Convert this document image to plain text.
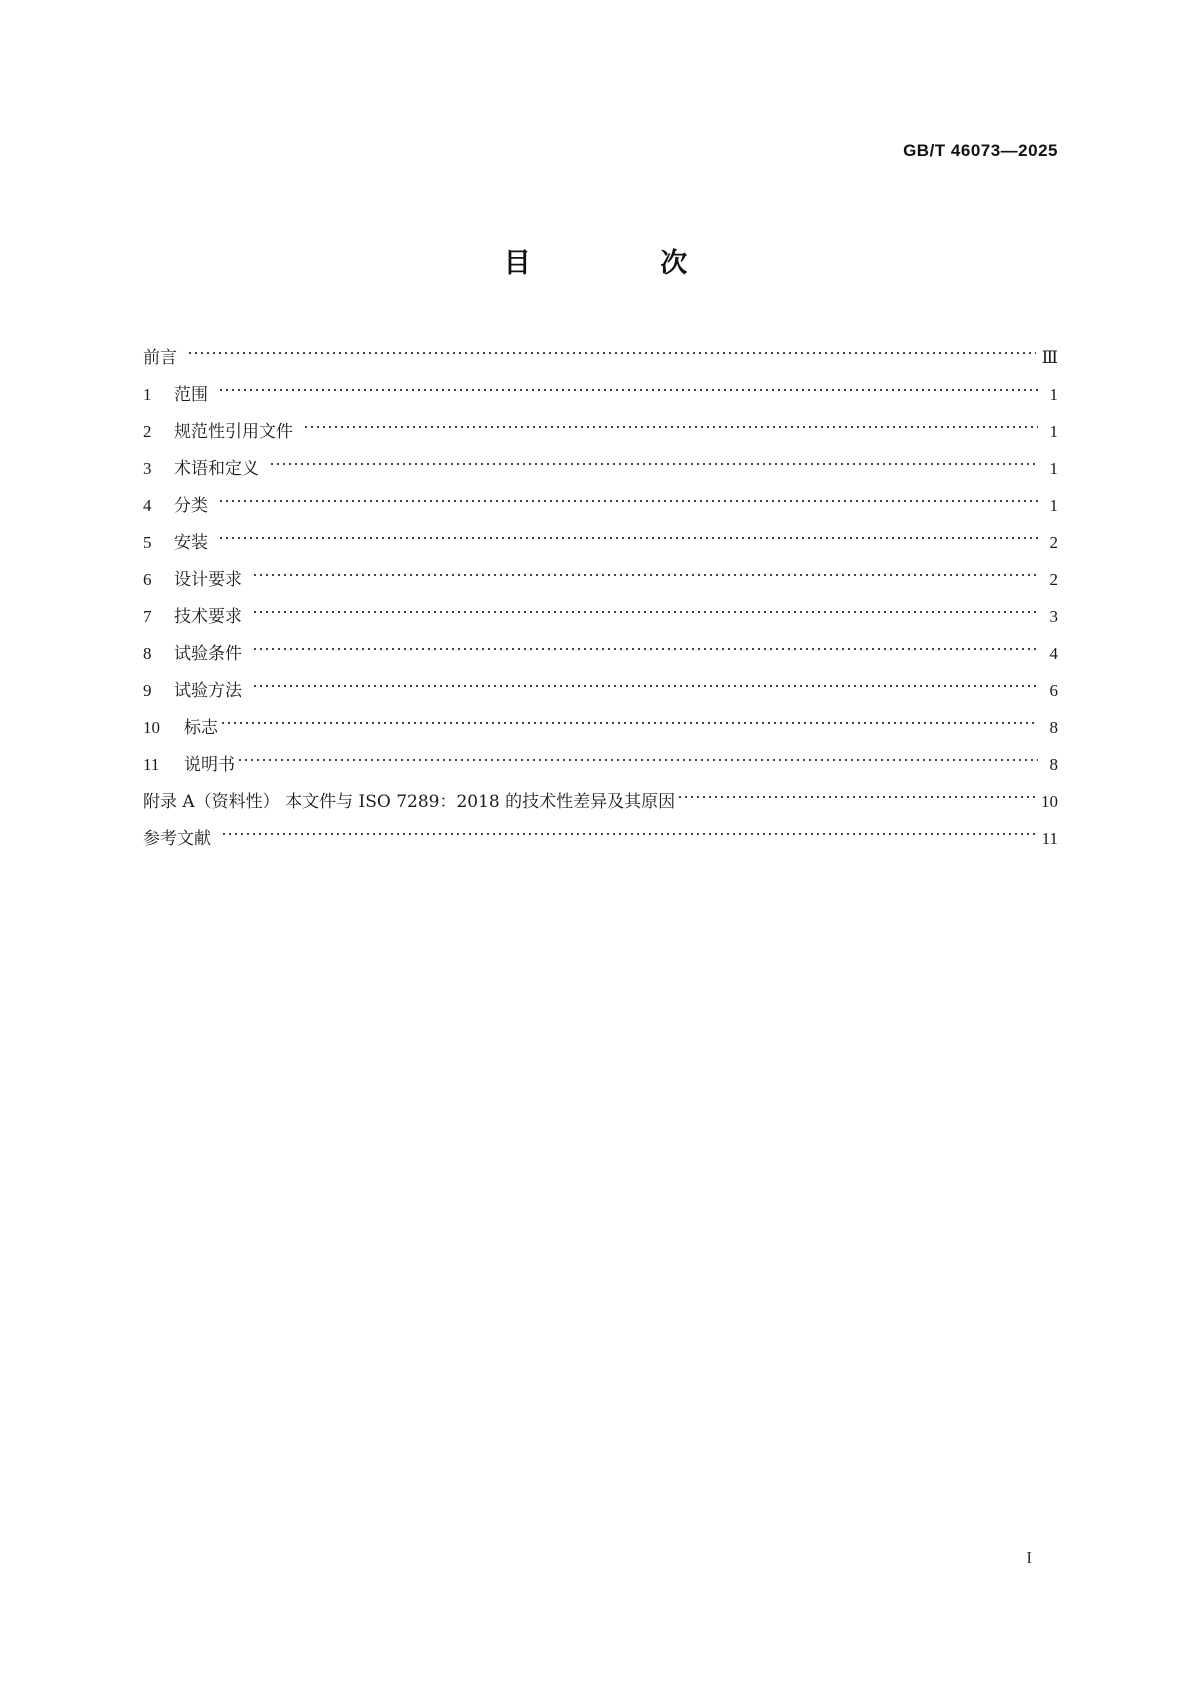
GB/T 46073—2025
目 次
前言	Ⅲ
1	范围	1
2	规范性引用文件	1
3	术语和定义	1
4	分类	1
5	安装	2
6	设计要求	2
7	技术要求	3
8	试验条件	4
9	试验方法	6
10	标志	8
11	说明书	8
附录 A（资料性） 本文件与 ISO 7289：2018 的技术性差异及其原因	10
参考文献	11
I
